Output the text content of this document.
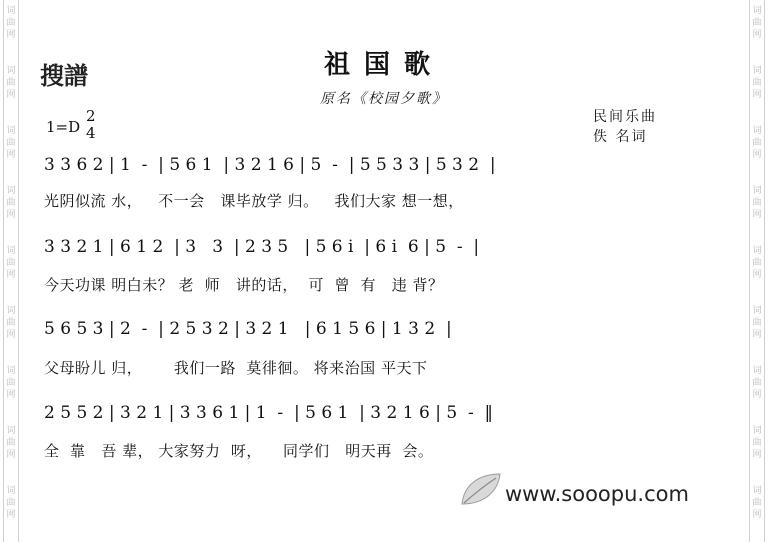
词
曲
网
词
曲
网
词
曲
网
词
曲
网
词
曲
网
词
曲
网
词
曲
网
词
曲
网
词
曲
网
词
曲
网
词
曲
网
词
曲
网
词
曲
网
词
曲
网
词
曲
网
词
曲
网
词
曲
网
词
曲
网
搜譜	祖国歌
原名《校园夕歌》
1=D
2
4
民间乐曲
佚 名词
3 3 6 2 | 1  -  | 5 6 1  | 3 2 1 6 | 5  -  | 5 5 3 3 | 5 3 2  |
光阴似流 水，   不一会   课毕放学 归。   我们大家 想一想，
3 3 2 1 | 6 1 2  | 3   3  | 2 3 5   | 5 6 i  | 6 i  6 | 5  -  |
今天功课 明白未？ 老  师   讲的话，  可  曾  有   违 背？
5 6 5 3 | 2  -  | 2 5 3 2 | 3 2 1   | 6 1 5 6 | 1 3 2  |
父母盼儿 归，      我们一路  莫徘徊。 将来治国 平天下
2 5 5 2 | 3 2 1 | 3 3 6 1 | 1  -  | 5 6 1  | 3 2 1 6 | 5  -  ‖
全  靠   吾 辈， 大家努力  呀，    同学们   明天再  会。
www.sooopu.com
